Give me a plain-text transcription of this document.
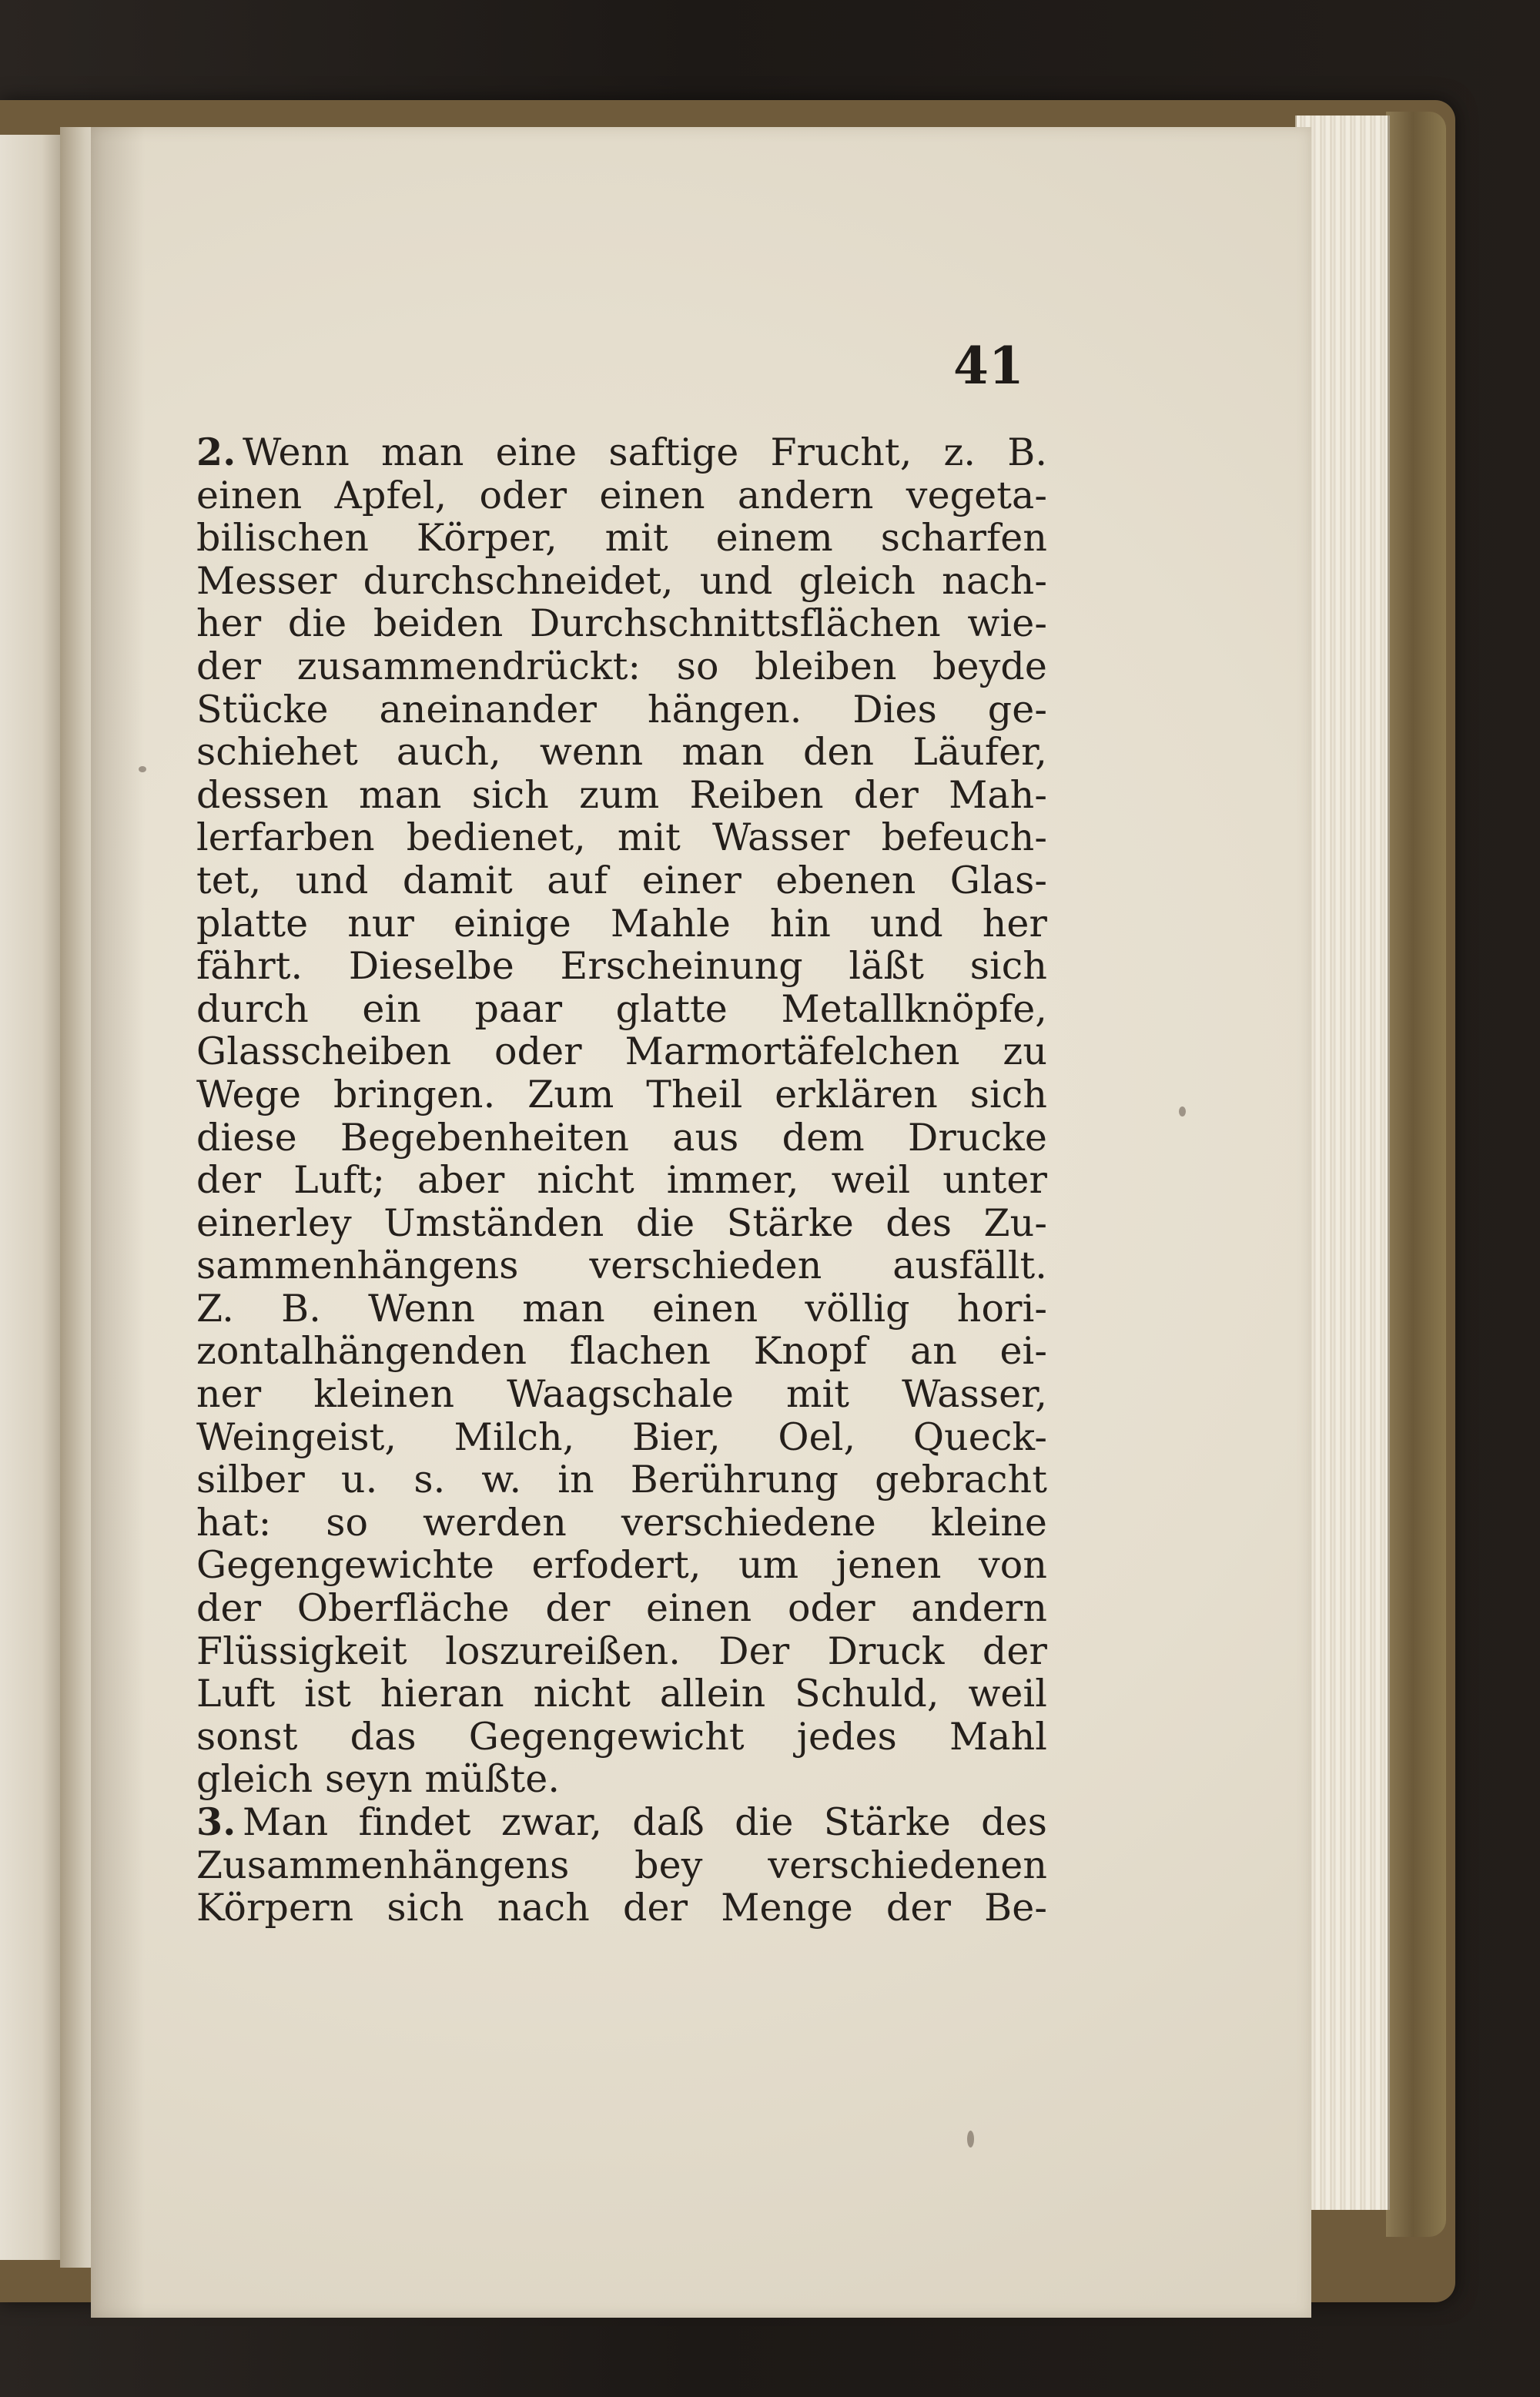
41
2. Wenn man eine saftige Frucht, z. B.
einen Apfel, oder einen andern vegeta-
bilischen Körper, mit einem scharfen
Messer durchschneidet, und gleich nach-
her die beiden Durchschnittsflächen wie-
der zusammendrückt: so bleiben beyde
Stücke aneinander hängen. Dies ge-
schiehet auch, wenn man den Läufer,
dessen man sich zum Reiben der Mah-
lerfarben bedienet, mit Wasser befeuch-
tet, und damit auf einer ebenen Glas-
platte nur einige Mahle hin und her
fährt. Dieselbe Erscheinung läßt sich
durch ein paar glatte Metallknöpfe,
Glasscheiben oder Marmortäfelchen zu
Wege bringen. Zum Theil erklären sich
diese Begebenheiten aus dem Drucke
der Luft; aber nicht immer, weil unter
einerley Umständen die Stärke des Zu-
sammenhängens verschieden ausfällt.
Z. B. Wenn man einen völlig hori-
zontalhängenden flachen Knopf an ei-
ner kleinen Waagschale mit Wasser,
Weingeist, Milch, Bier, Oel, Queck-
silber u. s. w. in Berührung gebracht
hat: so werden verschiedene kleine
Gegengewichte erfodert, um jenen von
der Oberfläche der einen oder andern
Flüssigkeit loszureißen. Der Druck der
Luft ist hieran nicht allein Schuld, weil
sonst das Gegengewicht jedes Mahl
gleich seyn müßte.
3. Man findet zwar, daß die Stärke des
Zusammenhängens bey verschiedenen
Körpern sich nach der Menge der Be-
